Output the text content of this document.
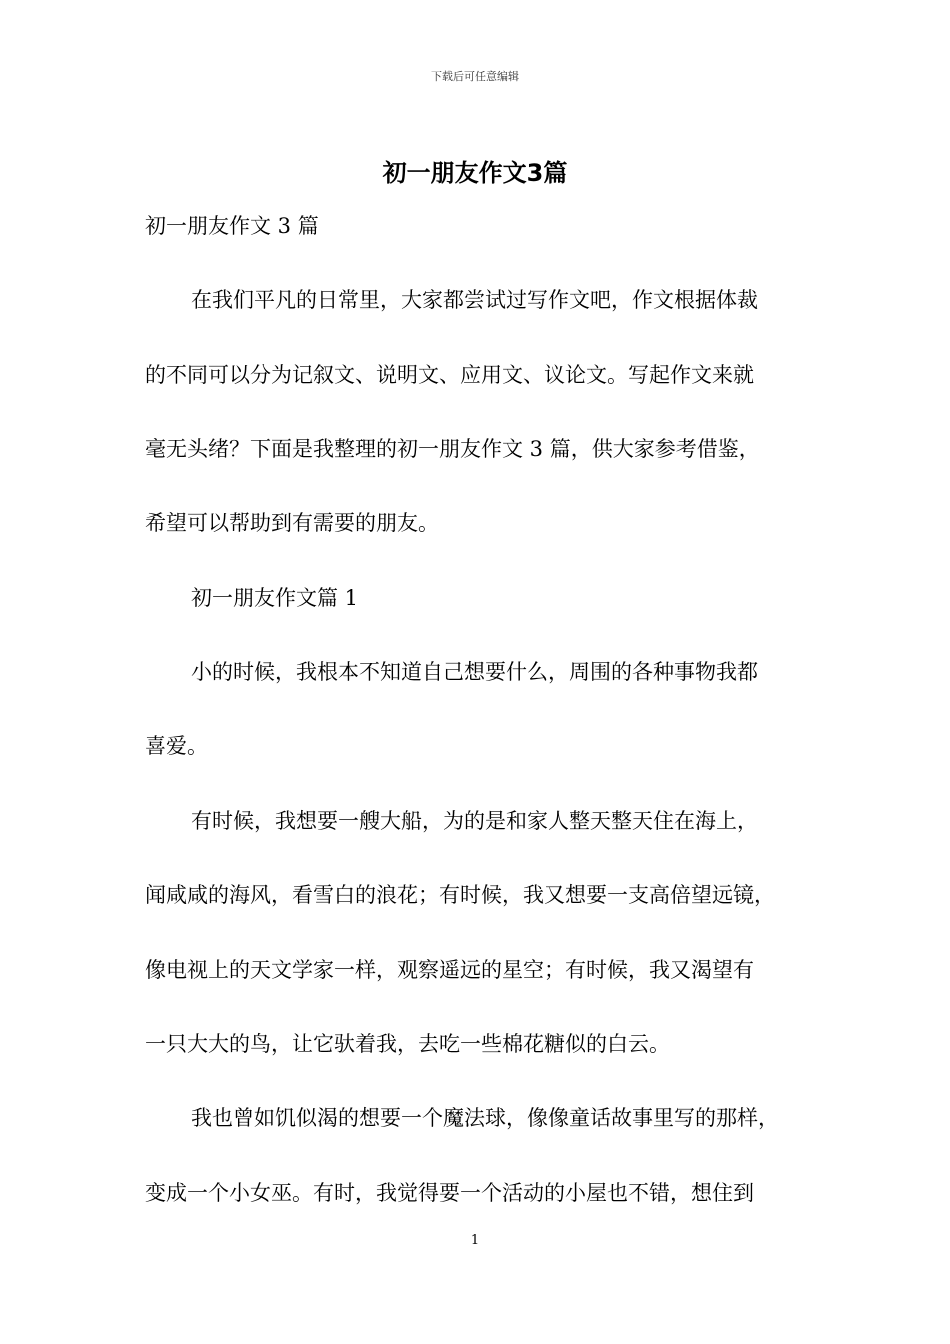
下载后可任意编辑
初一朋友作文3篇
初一朋友作文 3 篇
在我们平凡的日常里，大家都尝试过写作文吧，作文根据体裁
的不同可以分为记叙文、说明文、应用文、议论文。写起作文来就
毫无头绪？下面是我整理的初一朋友作文 3 篇，供大家参考借鉴，
希望可以帮助到有需要的朋友。
初一朋友作文篇 1
小的时候，我根本不知道自己想要什么，周围的各种事物我都
喜爱。
有时候，我想要一艘大船，为的是和家人整天整天住在海上，
闻咸咸的海风，看雪白的浪花；有时候，我又想要一支高倍望远镜，
像电视上的天文学家一样，观察遥远的星空；有时候，我又渴望有
一只大大的鸟，让它驮着我，去吃一些棉花糖似的白云。
我也曾如饥似渴的想要一个魔法球，像像童话故事里写的那样，
变成一个小女巫。有时，我觉得要一个活动的小屋也不错，想住到
1
